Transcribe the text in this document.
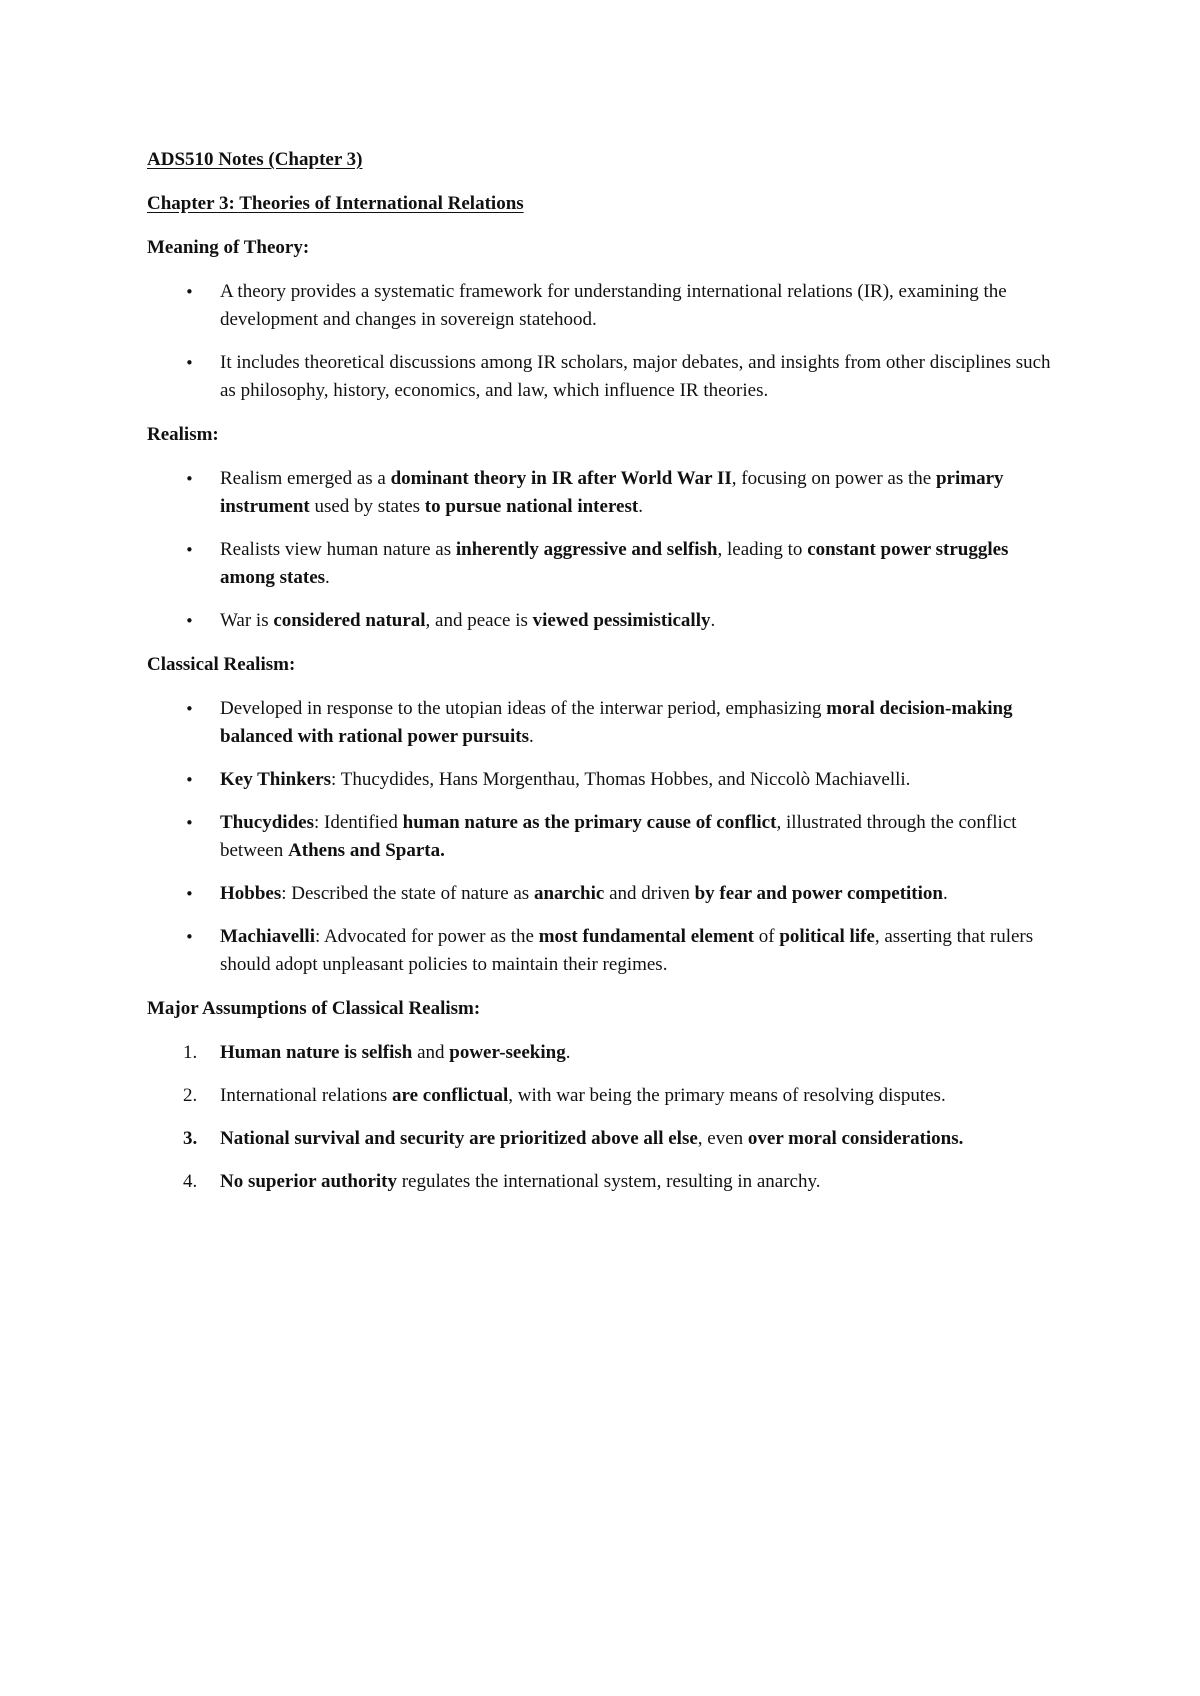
ADS510 Notes (Chapter 3)

Chapter 3: Theories of International Relations

Meaning of Theory:

• A theory provides a systematic framework for understanding international relations (IR), examining the development and changes in sovereign statehood.
• It includes theoretical discussions among IR scholars, major debates, and insights from other disciplines such as philosophy, history, economics, and law, which influence IR theories.

Realism:

• Realism emerged as a dominant theory in IR after World War II, focusing on power as the primary instrument used by states to pursue national interest.
• Realists view human nature as inherently aggressive and selfish, leading to constant power struggles among states.
• War is considered natural, and peace is viewed pessimistically.

Classical Realism:

• Developed in response to the utopian ideas of the interwar period, emphasizing moral decision-making balanced with rational power pursuits.
• Key Thinkers: Thucydides, Hans Morgenthau, Thomas Hobbes, and Niccolò Machiavelli.
• Thucydides: Identified human nature as the primary cause of conflict, illustrated through the conflict between Athens and Sparta.
• Hobbes: Described the state of nature as anarchic and driven by fear and power competition.
• Machiavelli: Advocated for power as the most fundamental element of political life, asserting that rulers should adopt unpleasant policies to maintain their regimes.

Major Assumptions of Classical Realism:

1. Human nature is selfish and power-seeking.
2. International relations are conflictual, with war being the primary means of resolving disputes.
3. National survival and security are prioritized above all else, even over moral considerations.
4. No superior authority regulates the international system, resulting in anarchy.
